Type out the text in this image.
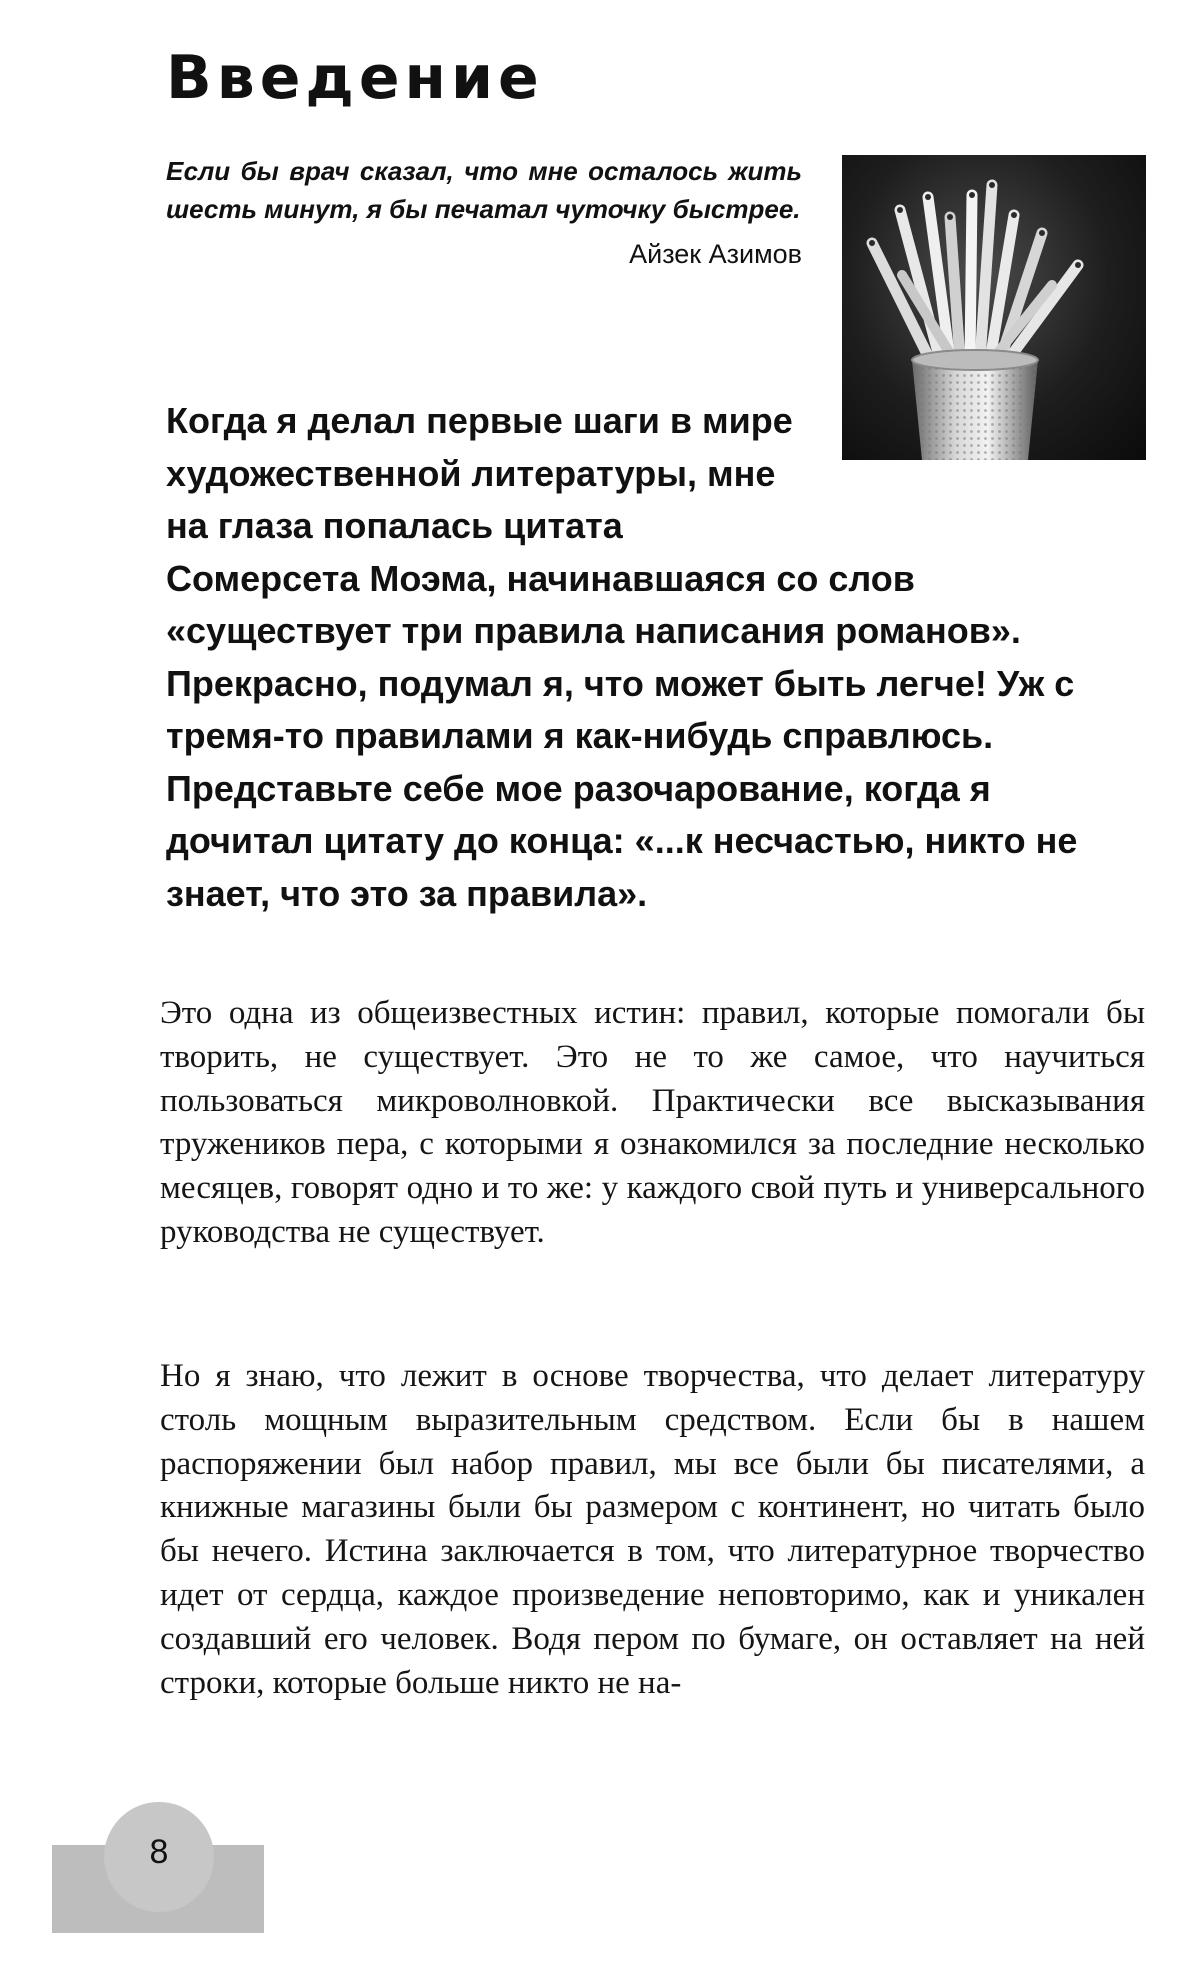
Введение

Если бы врач сказал, что мне осталось жить шесть минут, я бы печатал чуточку быстрее.

Айзек Азимов

Когда я делал первые шаги в мире художественной литературы, мне на глаза попалась цитата Сомерсета Моэма, начинавшаяся со слов «существует три правила написания романов». Прекрасно, подумал я, что может быть легче! Уж с тремя-то правилами я как-нибудь справлюсь. Представьте себе мое разочарование, когда я дочитал цитату до конца: «...к несчастью, никто не знает, что это за правила».

Это одна из общеизвестных истин: правил, которые помогали бы творить, не существует. Это не то же самое, что научиться пользоваться микроволновкой. Практически все высказывания тружеников пера, с которыми я ознакомился за последние несколько месяцев, говорят одно и то же: у каждого свой путь и универсального руководства не существует.

Но я знаю, что лежит в основе творчества, что делает литературу столь мощным выразительным средством. Если бы в нашем распоряжении был набор правил, мы все были бы писателями, а книжные магазины были бы размером с континент, но читать было бы нечего. Истина заключается в том, что литературное творчество идет от сердца, каждое произведение неповторимо, как и уникален создавший его человек. Водя пером по бумаге, он оставляет на ней строки, которые больше никто не на-

8
